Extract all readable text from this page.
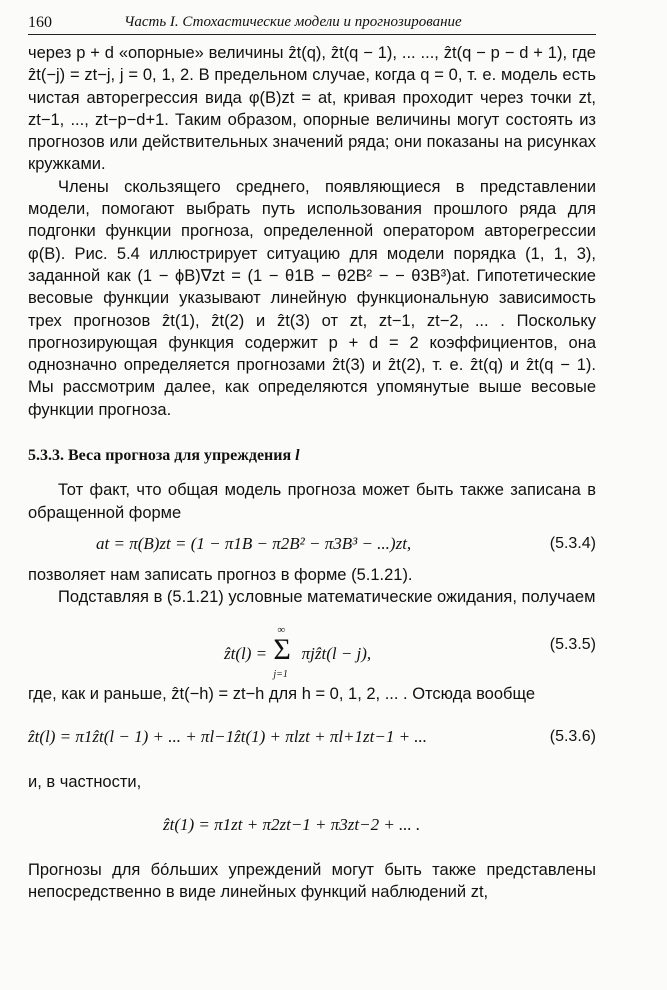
160	Часть I. Стохастические модели и прогнозирование

через p + d «опорные» величины ẑt(q), ẑt(q − 1), ... ..., ẑt(q − p − d + 1), где ẑt(−j) = zt−j, j = 0, 1, 2. В предельном случае, когда q = 0, т. е. модель есть чистая авторегрессия вида φ(B)zt = at, кривая проходит через точки zt, zt−1, ..., zt−p−d+1. Таким образом, опорные величины могут состоять из прогнозов или действительных значений ряда; они показаны на рисунках кружками.

Члены скользящего среднего, появляющиеся в представлении модели, помогают выбрать путь использования прошлого ряда для подгонки функции прогноза, определенной оператором авторегрессии φ(B). Рис. 5.4 иллюстрирует ситуацию для модели порядка (1, 1, 3), заданной как (1 − ϕB)∇zt = (1 − θ1B − θ2B² − − θ3B³)at. Гипотетические весовые функции указывают линейную функциональную зависимость трех прогнозов ẑt(1), ẑt(2) и ẑt(3) от zt, zt−1, zt−2, ... . Поскольку прогнозирующая функция содержит p + d = 2 коэффициентов, она однозначно определяется прогнозами ẑt(3) и ẑt(2), т. е. ẑt(q) и ẑt(q − 1). Мы рассмотрим далее, как определяются упомянутые выше весовые функции прогноза.

5.3.3. Веса прогноза для упреждения l

Тот факт, что общая модель прогноза может быть также записана в обращенной форме

at = π(B)zt = (1 − π1B − π2B² − π3B³ − ...)zt,	(5.3.4)

позволяет нам записать прогноз в форме (5.1.21).

Подставляя в (5.1.21) условные математические ожидания, получаем

ẑt(l) =
∞
Σ
j=1
πjẑt(l − j),	(5.3.5)

где, как и раньше, ẑt(−h) = zt−h для h = 0, 1, 2, ... . Отсюда вообще

ẑt(l) = π1ẑt(l − 1) + ... + πl−1ẑt(1) + πlzt + πl+1zt−1 + ...	(5.3.6)

и, в частности,

ẑt(1) = π1zt + π2zt−1 + π3zt−2 + ... .

Прогнозы для бóльших упреждений могут быть также представлены непосредственно в виде линейных функций наблюдений zt,
